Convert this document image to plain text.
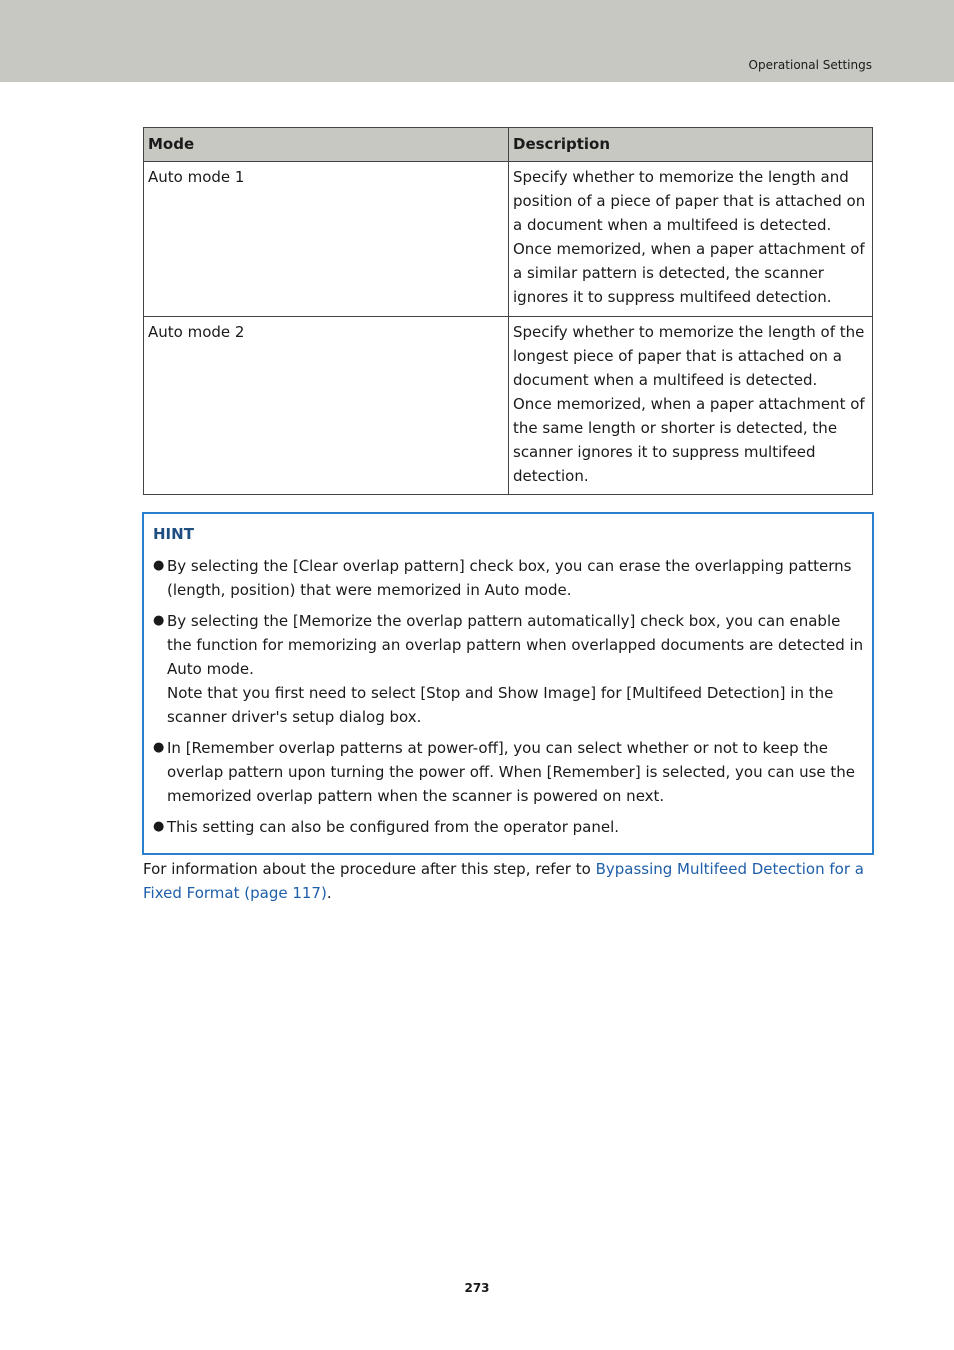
Operational Settings
Mode	Description
Auto mode 1	Specify whether to memorize the length and position of a piece of paper that is attached on a document when a multifeed is detected.
Once memorized, when a paper attachment of a similar pattern is detected, the scanner ignores it to suppress multifeed detection.

Auto mode 2	Specify whether to memorize the length of the longest piece of paper that is attached on a document when a multifeed is detected.
Once memorized, when a paper attachment of the same length or shorter is detected, the scanner ignores it to suppress multifeed detection.
HINT
● By selecting the [Clear overlap pattern] check box, you can erase the overlapping patterns (length, position) that were memorized in Auto mode.
● By selecting the [Memorize the overlap pattern automatically] check box, you can enable the function for memorizing an overlap pattern when overlapped documents are detected in Auto mode.
Note that you first need to select [Stop and Show Image] for [Multifeed Detection] in the scanner driver's setup dialog box.
● In [Remember overlap patterns at power-off], you can select whether or not to keep the overlap pattern upon turning the power off. When [Remember] is selected, you can use the memorized overlap pattern when the scanner is powered on next.
● This setting can also be configured from the operator panel.
For information about the procedure after this step, refer to Bypassing Multifeed Detection for a Fixed Format (page 117).
273
